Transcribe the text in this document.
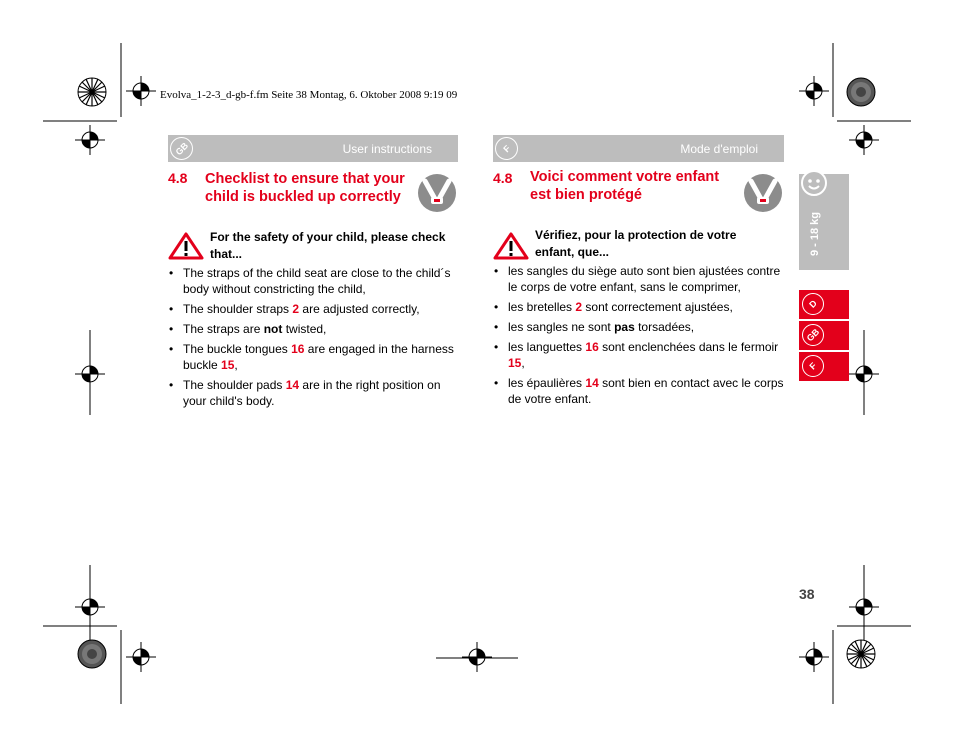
Evolva_1-2-3_d-gb-f.fm Seite 38 Montag, 6. Oktober 2008 9:19 09
GB	User instructions
4.8 Checklist to ensure that your child is buckled up correctly
For the safety of your child, please check that...
• The straps of the child seat are close to the child´s body without constricting the child,
• The shoulder straps 2 are adjusted correctly,
• The straps are not twisted,
• The buckle tongues 16 are engaged in the harness buckle 15,
• The shoulder pads 14 are in the right position on your child's body.
F	Mode d'emploi
4.8 Voici comment votre enfant est bien protégé
Vérifiez, pour la protection de votre enfant, que...
• les sangles du siège auto sont bien ajustées contre le corps de votre enfant, sans le comprimer,
• les bretelles 2 sont correctement ajustées,
• les sangles ne sont pas torsadées,
• les languettes 16 sont enclenchées dans le fermoir 15,
• les épaulières 14 sont bien en contact avec le corps de votre enfant.
9 - 18 kg
D
GB
F
38
